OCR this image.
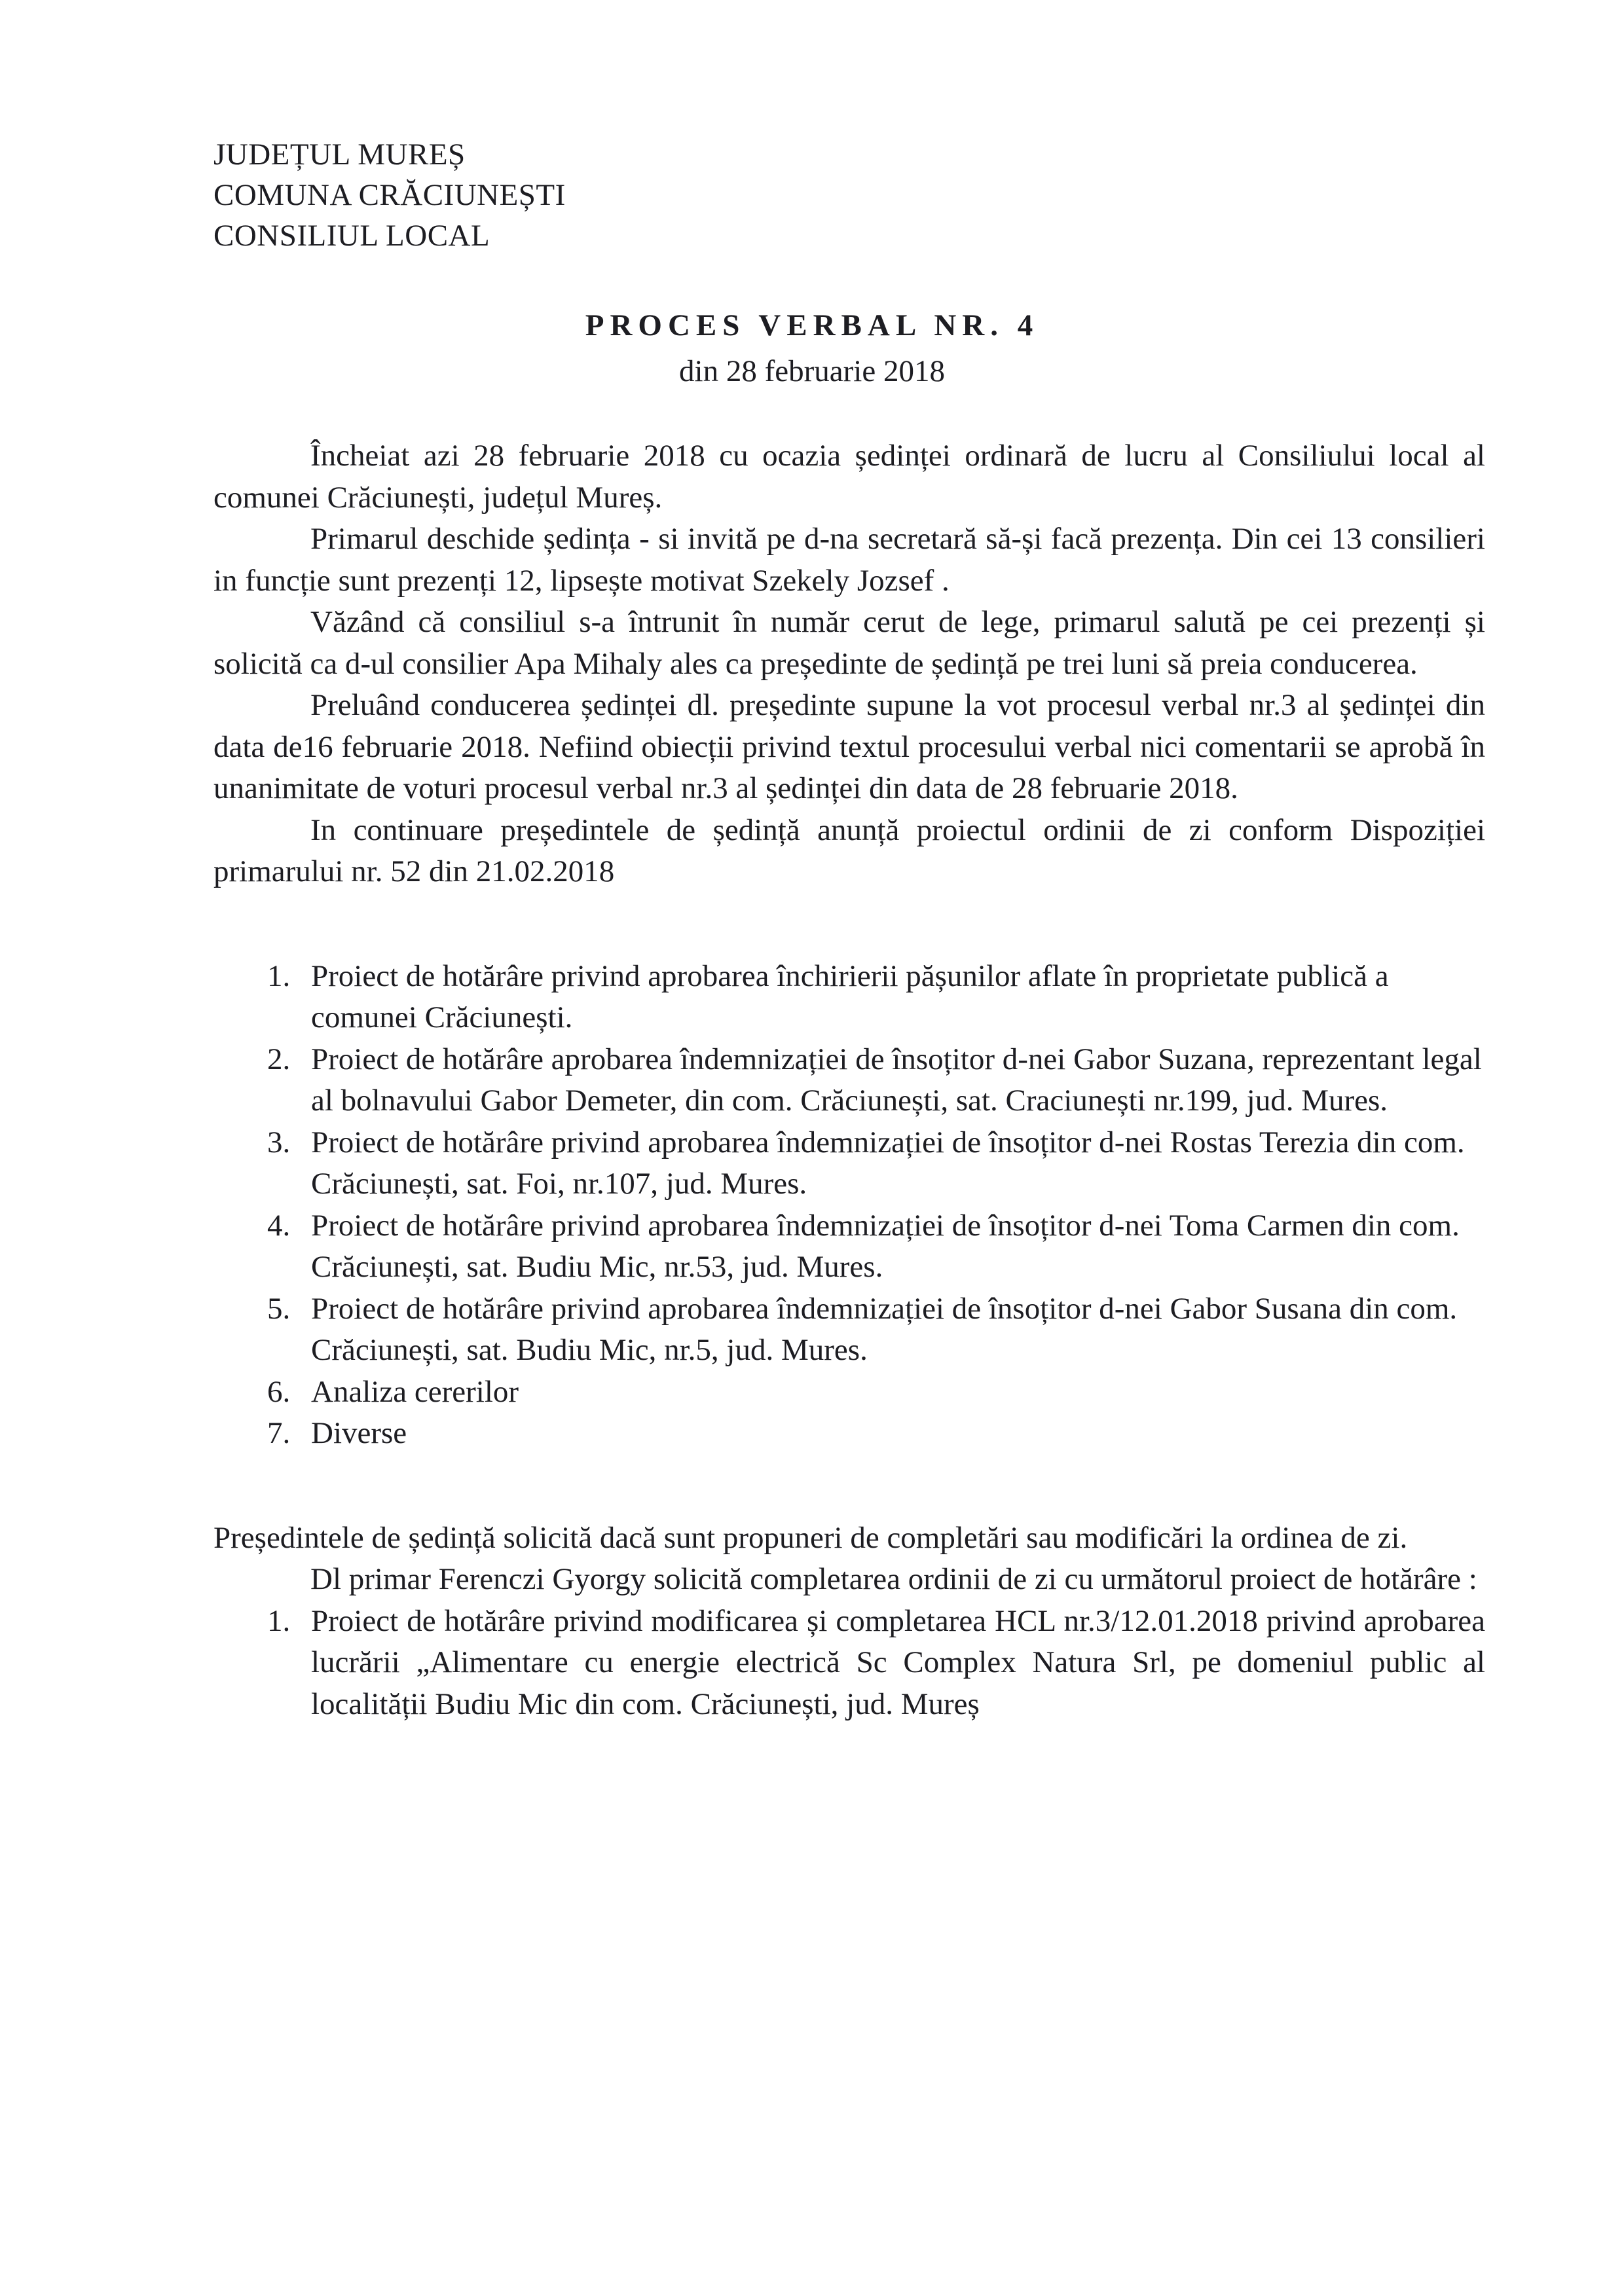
JUDEȚUL MUREȘ
COMUNA CRĂCIUNEȘTI
CONSILIUL LOCAL
PROCES VERBAL NR. 4
din 28 februarie 2018

Încheiat azi 28 februarie 2018 cu ocazia ședinței ordinară de lucru al Consiliului local al comunei Crăciunești, județul Mureș.

Primarul deschide ședința - si invită pe d-na secretară să-și facă prezența. Din cei 13 consilieri in funcție sunt prezenți 12, lipsește motivat Szekely Jozsef .

Văzând că consiliul s-a întrunit în număr cerut de lege, primarul salută pe cei prezenți și solicită ca d-ul consilier Apa Mihaly ales ca președinte de ședință pe trei luni să preia conducerea.

Preluând conducerea ședinței dl. președinte supune la vot procesul verbal nr.3 al ședinței din data de16 februarie 2018. Nefiind obiecții privind textul procesului verbal nici comentarii se aprobă în unanimitate de voturi procesul verbal nr.3 al ședinței din data de 28 februarie 2018.

In continuare președintele de ședință anunță proiectul ordinii de zi conform Dispoziției primarului nr. 52 din 21.02.2018

1. Proiect de hotărâre privind aprobarea închirierii pășunilor aflate în proprietate publică a comunei Crăciunești.
2. Proiect de hotărâre aprobarea îndemnizației de însoțitor d-nei Gabor Suzana, reprezentant legal al bolnavului Gabor Demeter, din com. Crăciunești, sat. Craciunești nr.199, jud. Mures.
3. Proiect de hotărâre privind aprobarea îndemnizației de însoțitor d-nei Rostas Terezia din com. Crăciunești, sat. Foi, nr.107, jud. Mures.
4. Proiect de hotărâre privind aprobarea îndemnizației de însoțitor d-nei Toma Carmen din com. Crăciunești, sat. Budiu Mic, nr.53, jud. Mures.
5. Proiect de hotărâre privind aprobarea îndemnizației de însoțitor d-nei Gabor Susana din com. Crăciunești, sat. Budiu Mic, nr.5, jud. Mures.
6. Analiza cererilor
7. Diverse

Președintele de ședință solicită dacă sunt propuneri de completări sau modificări la ordinea de zi.

Dl primar Ferenczi Gyorgy solicită completarea ordinii de zi cu următorul proiect de hotărâre :

1. Proiect de hotărâre privind modificarea și completarea HCL nr.3/12.01.2018 privind aprobarea lucrării „Alimentare cu energie electrică Sc Complex Natura Srl, pe domeniul public al localității Budiu Mic din com. Crăciunești, jud. Mureș
